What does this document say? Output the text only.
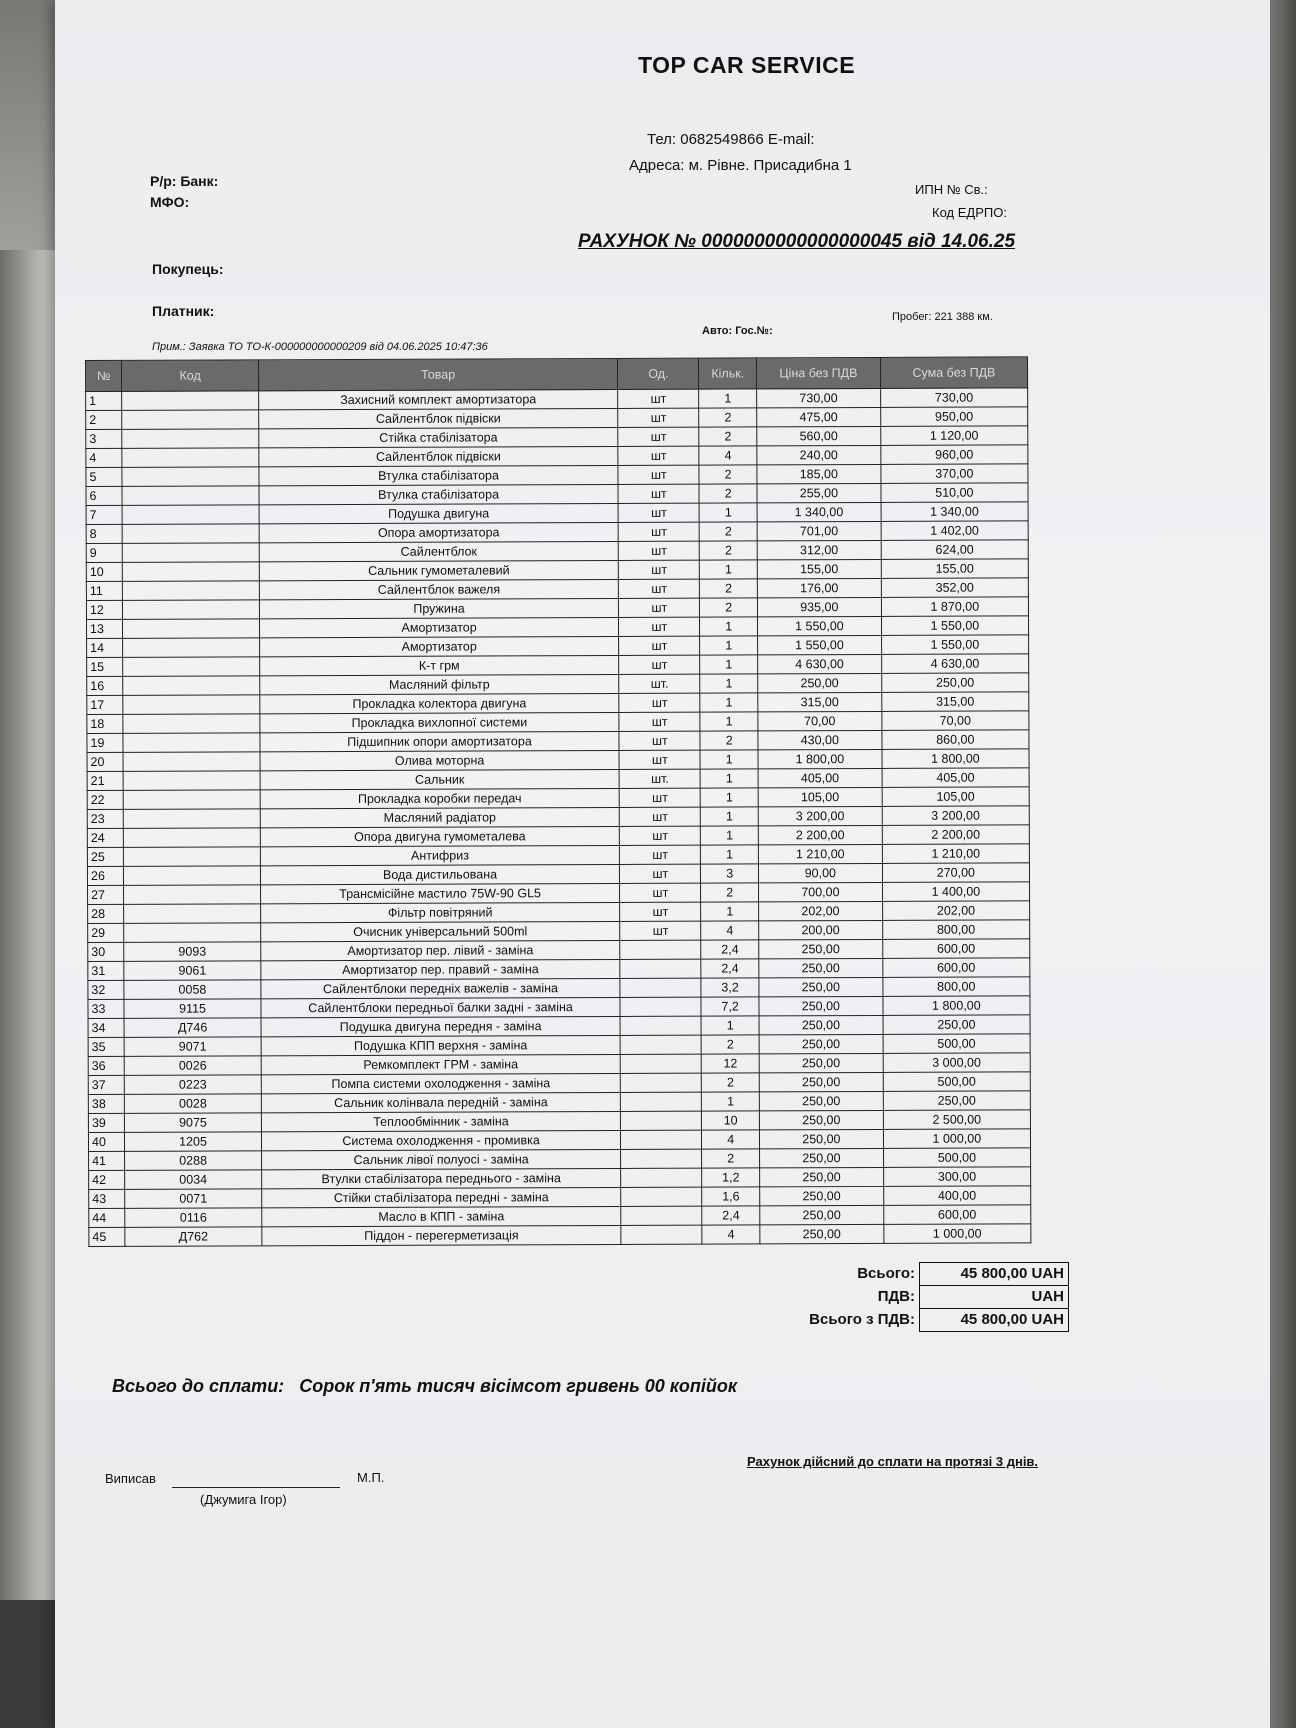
TOP CAR SERVICE
Тел: 0682549866 E-mail:
Адреса: м. Рівне. Присадибна 1
Р/р: Банк:
МФО:
ИПН № Св.:
Код ЕДРПО:
РАХУНОК № 0000000000000000045 від 14.06.25
Покупець:
Платник:	Пробег: 221 388 км.
Авто: Гос.№:
Прим.: Заявка ТО ТО-К-000000000000209 від 04.06.2025 10:47:36
№	Код	Товар	Од.	Кільк.	Ціна без ПДВ	Сума без ПДВ
1		Захисний комплект амортизатора	шт	1	730,00	730,00
2		Сайлентблок підвіски	шт	2	475,00	950,00
3		Стійка стабілізатора	шт	2	560,00	1 120,00
4		Сайлентблок підвіски	шт	4	240,00	960,00
5		Втулка стабілізатора	шт	2	185,00	370,00
6		Втулка стабілізатора	шт	2	255,00	510,00
7		Подушка двигуна	шт	1	1 340,00	1 340,00
8		Опора амортизатора	шт	2	701,00	1 402,00
9		Сайлентблок	шт	2	312,00	624,00
10		Сальник гумометалевий	шт	1	155,00	155,00
11		Сайлентблок важеля	шт	2	176,00	352,00
12		Пружина	шт	2	935,00	1 870,00
13		Амортизатор	шт	1	1 550,00	1 550,00
14		Амортизатор	шт	1	1 550,00	1 550,00
15		К-т грм	шт	1	4 630,00	4 630,00
16		Масляний фільтр	шт.	1	250,00	250,00
17		Прокладка колектора двигуна	шт	1	315,00	315,00
18		Прокладка вихлопної системи	шт	1	70,00	70,00
19		Підшипник опори амортизатора	шт	2	430,00	860,00
20		Олива моторна	шт	1	1 800,00	1 800,00
21		Сальник	шт.	1	405,00	405,00
22		Прокладка коробки передач	шт	1	105,00	105,00
23		Масляний радіатор	шт	1	3 200,00	3 200,00
24		Опора двигуна гумометалева	шт	1	2 200,00	2 200,00
25		Антифриз	шт	1	1 210,00	1 210,00
26		Вода дистильована	шт	3	90,00	270,00
27		Трансмісійне мастило 75W-90 GL5	шт	2	700,00	1 400,00
28		Фільтр повітряний	шт	1	202,00	202,00
29		Очисник універсальний 500ml	шт	4	200,00	800,00
30	9093	Амортизатор пер. лівий - заміна		2,4	250,00	600,00
31	9061	Амортизатор пер. правий - заміна		2,4	250,00	600,00
32	0058	Сайлентблоки передніх важелів - заміна		3,2	250,00	800,00
33	9115	Сайлентблоки передньої балки задні - заміна		7,2	250,00	1 800,00
34	Д746	Подушка двигуна передня - заміна		1	250,00	250,00
35	9071	Подушка КПП верхня - заміна		2	250,00	500,00
36	0026	Ремкомплект ГРМ - заміна		12	250,00	3 000,00
37	0223	Помпа системи охолодження - заміна		2	250,00	500,00
38	0028	Сальник колінвала передній - заміна		1	250,00	250,00
39	9075	Теплообмінник - заміна		10	250,00	2 500,00
40	1205	Система охолодження - промивка		4	250,00	1 000,00
41	0288	Сальник лівої полуосі - заміна		2	250,00	500,00
42	0034	Втулки стабілізатора переднього - заміна		1,2	250,00	300,00
43	0071	Стійки стабілізатора передні - заміна		1,6	250,00	400,00
44	0116	Масло в КПП - заміна		2,4	250,00	600,00
45	Д762	Піддон - перегерметизація		4	250,00	1 000,00
Всього:	45 800,00 UAH
ПДВ:	UAH
Всього з ПДВ:	45 800,00 UAH
Всього до сплати: Сорок п'ять тисяч вісімсот гривень 00 копійок
Рахунок дійсний до сплати на протязі 3 днів.
Виписав	М.П.
(Джумига Ігор)
